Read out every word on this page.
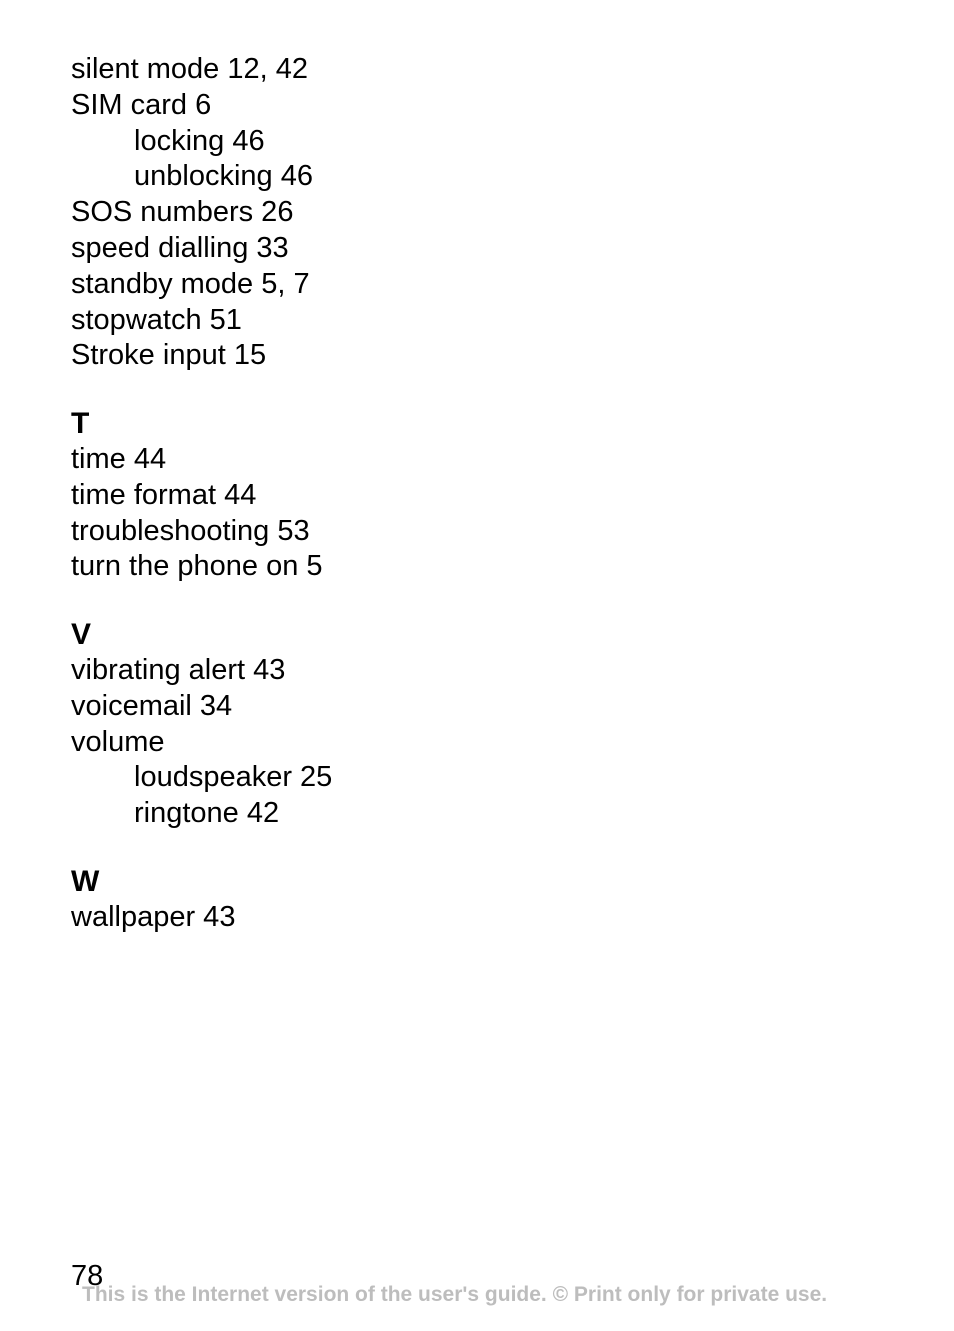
silent mode 12, 42
SIM card 6
locking 46
unblocking 46
SOS numbers 26
speed dialling 33
standby mode 5, 7
stopwatch 51
Stroke input 15
T
time 44
time format 44
troubleshooting 53
turn the phone on 5
V
vibrating alert 43
voicemail 34
volume
loudspeaker 25
ringtone 42
W
wallpaper 43
78
This is the Internet version of the user's guide. © Print only for private use.
